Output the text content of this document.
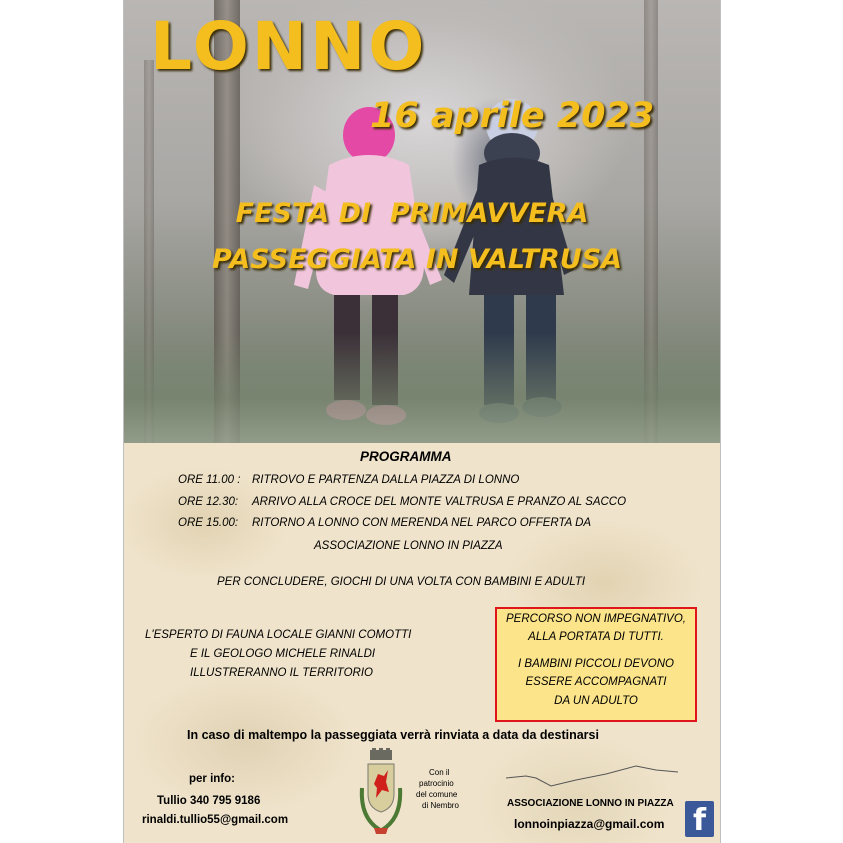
LONNO
16 aprile 2023
FESTA DI  PRIMAVVERA
PASSEGGIATA IN VALTRUSA
PROGRAMMA
ORE 11.00 : RITROVO E PARTENZA DALLA PIAZZA DI LONNO
ORE 12.30: ARRIVO ALLA CROCE DEL MONTE VALTRUSA E PRANZO AL SACCO
ORE 15.00: RITORNO A LONNO CON MERENDA NEL PARCO OFFERTA DA
ASSOCIAZIONE LONNO IN PIAZZA
PER CONCLUDERE, GIOCHI DI UNA VOLTA CON BAMBINI E ADULTI
L'ESPERTO DI FAUNA LOCALE GIANNI COMOTTI
E IL GEOLOGO MICHELE RINALDI
ILLUSTRERANNO IL TERRITORIO
PERCORSO NON IMPEGNATIVO,
ALLA PORTATA DI TUTTI.
I BAMBINI PICCOLI DEVONO
ESSERE ACCOMPAGNATI
DA UN ADULTO
In caso di maltempo la passeggiata verrà rinviata a data da destinarsi
per info:
Tullio 340 795 9186
rinaldi.tullio55@gmail.com
Con il
patrocinio
del comune
di Nembro	ASSOCIAZIONE LONNO IN PIAZZA
lonnoinpiazza@gmail.com f
